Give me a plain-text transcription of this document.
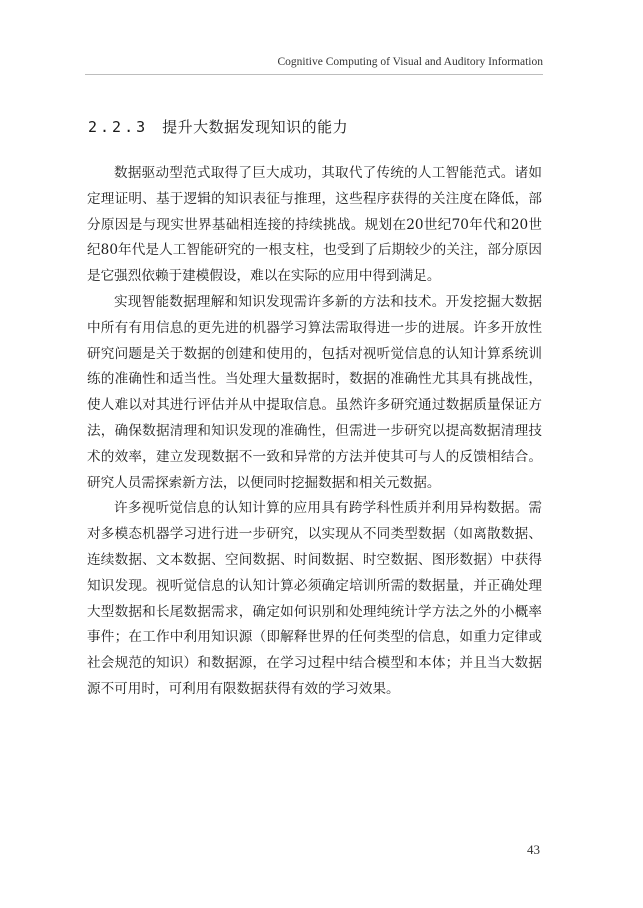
Cognitive Computing of Visual and Auditory Information
2.2.3 提升大数据发现知识的能力

数据驱动型范式取得了巨大成功，其取代了传统的人工智能范式。诸如定理证明、基于逻辑的知识表征与推理，这些程序获得的关注度在降低，部分原因是与现实世界基础相连接的持续挑战。规划在20世纪70年代和20世纪80年代是人工智能研究的一根支柱，也受到了后期较少的关注，部分原因是它强烈依赖于建模假设，难以在实际的应用中得到满足。

实现智能数据理解和知识发现需许多新的方法和技术。开发挖掘大数据中所有有用信息的更先进的机器学习算法需取得进一步的进展。许多开放性研究问题是关于数据的创建和使用的，包括对视听觉信息的认知计算系统训练的准确性和适当性。当处理大量数据时，数据的准确性尤其具有挑战性，使人难以对其进行评估并从中提取信息。虽然许多研究通过数据质量保证方法，确保数据清理和知识发现的准确性，但需进一步研究以提高数据清理技术的效率，建立发现数据不一致和异常的方法并使其可与人的反馈相结合。研究人员需探索新方法，以便同时挖掘数据和相关元数据。

许多视听觉信息的认知计算的应用具有跨学科性质并利用异构数据。需对多模态机器学习进行进一步研究，以实现从不同类型数据（如离散数据、连续数据、文本数据、空间数据、时间数据、时空数据、图形数据）中获得知识发现。视听觉信息的认知计算必须确定培训所需的数据量，并正确处理大型数据和长尾数据需求，确定如何识别和处理纯统计学方法之外的小概率事件；在工作中利用知识源（即解释世界的任何类型的信息，如重力定律或社会规范的知识）和数据源，在学习过程中结合模型和本体；并且当大数据源不可用时，可利用有限数据获得有效的学习效果。

43
